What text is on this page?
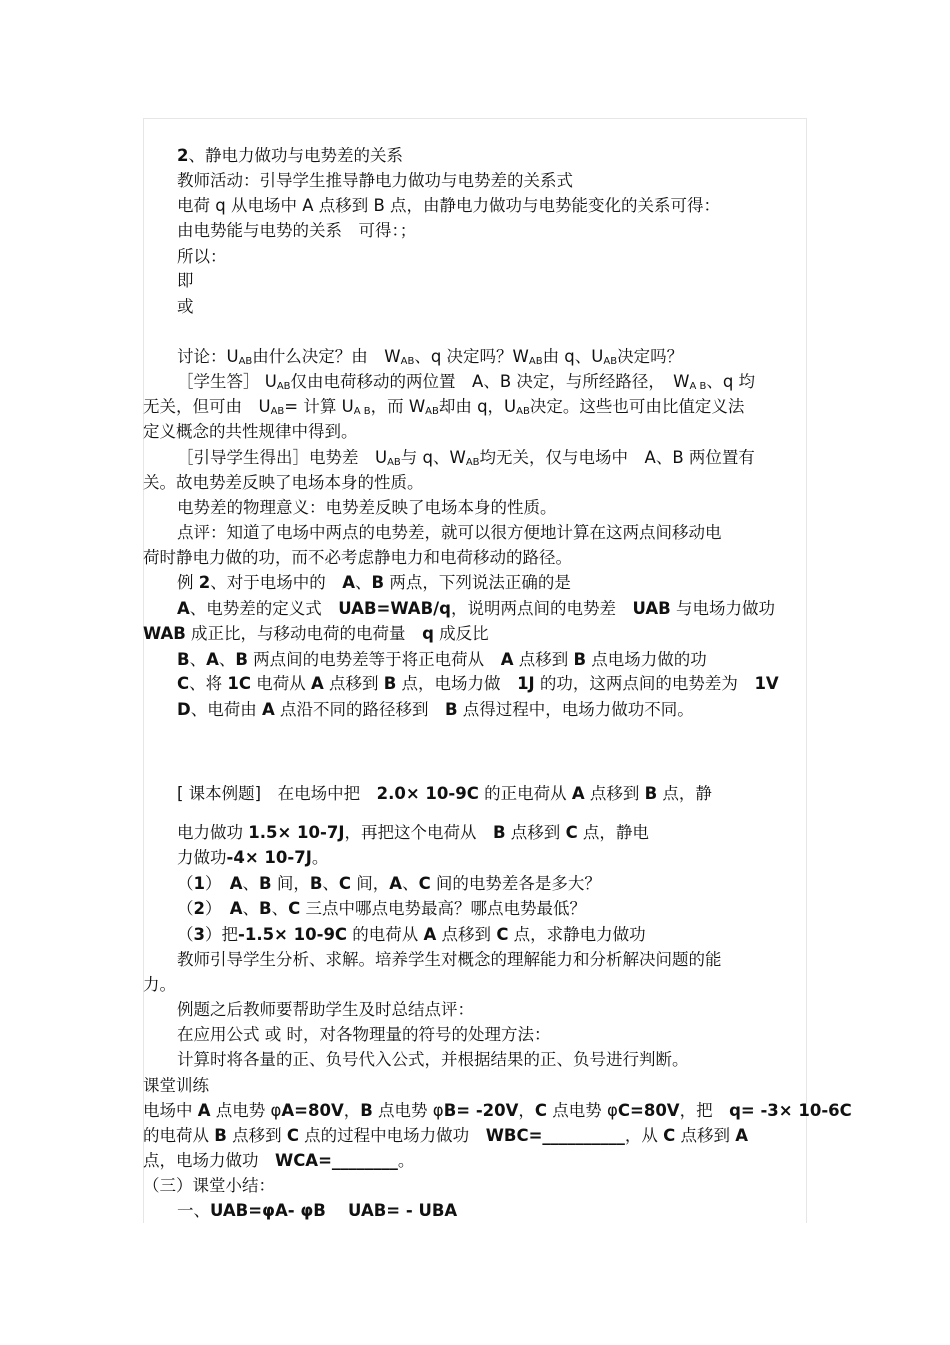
2、静电力做功与电势差的关系
教师活动：引导学生推导静电力做功与电势差的关系式
电荷 q 从电场中 A 点移到 B 点，由静电力做功与电势能变化的关系可得：
由电势能与电势的关系　可得：；
所以：
即
或
讨论：$U_{AB}$由什么决定？由　$W_{AB}$、q 决定吗？$W_{AB}$由 q、$U_{AB}$决定吗？
［学生答］ $U_{AB}$仅由电荷移动的两位置　A、B 决定，与所经路径，　$W_{A B}$、q 均
无关，但可由　$U_{AB}=$ 计算 $U_{A B}$，而 $W_{AB}$却由 q，$U_{AB}$决定。这些也可由比值定义法
定义概念的共性规律中得到。
［引导学生得出］电势差　$U_{AB}$与 q、$W_{AB}$均无关，仅与电场中　A、B 两位置有
关。故电势差反映了电场本身的性质。
电势差的物理意义：电势差反映了电场本身的性质。
点评：知道了电场中两点的电势差，就可以很方便地计算在这两点间移动电
荷时静电力做的功，而不必考虑静电力和电荷移动的路径。
例 2、对于电场中的　A、B 两点，下列说法正确的是
A、电势差的定义式　UAB=WAB/q，说明两点间的电势差　UAB 与电场力做功
WAB 成正比，与移动电荷的电荷量　q 成反比
B、A、B 两点间的电势差等于将正电荷从　A 点移到 B 点电场力做的功
C、将 1C 电荷从 A 点移到 B 点，电场力做　1J 的功，这两点间的电势差为　1V
D、电荷由 A 点沿不同的路径移到　B 点得过程中，电场力做功不同。
[ 课本例题]　在电场中把　2.0× 10-9C 的正电荷从 A 点移到 B 点，静
电力做功 1.5× 10-7J，再把这个电荷从　B 点移到 C 点，静电
力做功-4× 10-7J。
（1）　A、B 间，B、C 间，A、C 间的电势差各是多大？
（2）　A、B、C 三点中哪点电势最高？哪点电势最低？
（3）把-1.5× 10-9C 的电荷从 A 点移到 C 点，求静电力做功
教师引导学生分析、求解。培养学生对概念的理解能力和分析解决问题的能
力。
例题之后教师要帮助学生及时总结点评：
在应用公式 或 时，对各物理量的符号的处理方法：
计算时将各量的正、负号代入公式，并根据结果的正、负号进行判断。
课堂训练
电场中 A 点电势 φA=80V，B 点电势 φB= -20V，C 点电势 φC=80V，把　q= -3× 10-6C
的电荷从 B 点移到 C 点的过程中电场力做功　WBC=__________，从 C 点移到 A
点，电场力做功　WCA=________。
（三）课堂小结：
一、UAB=φA- φB　 UAB= - UBA
